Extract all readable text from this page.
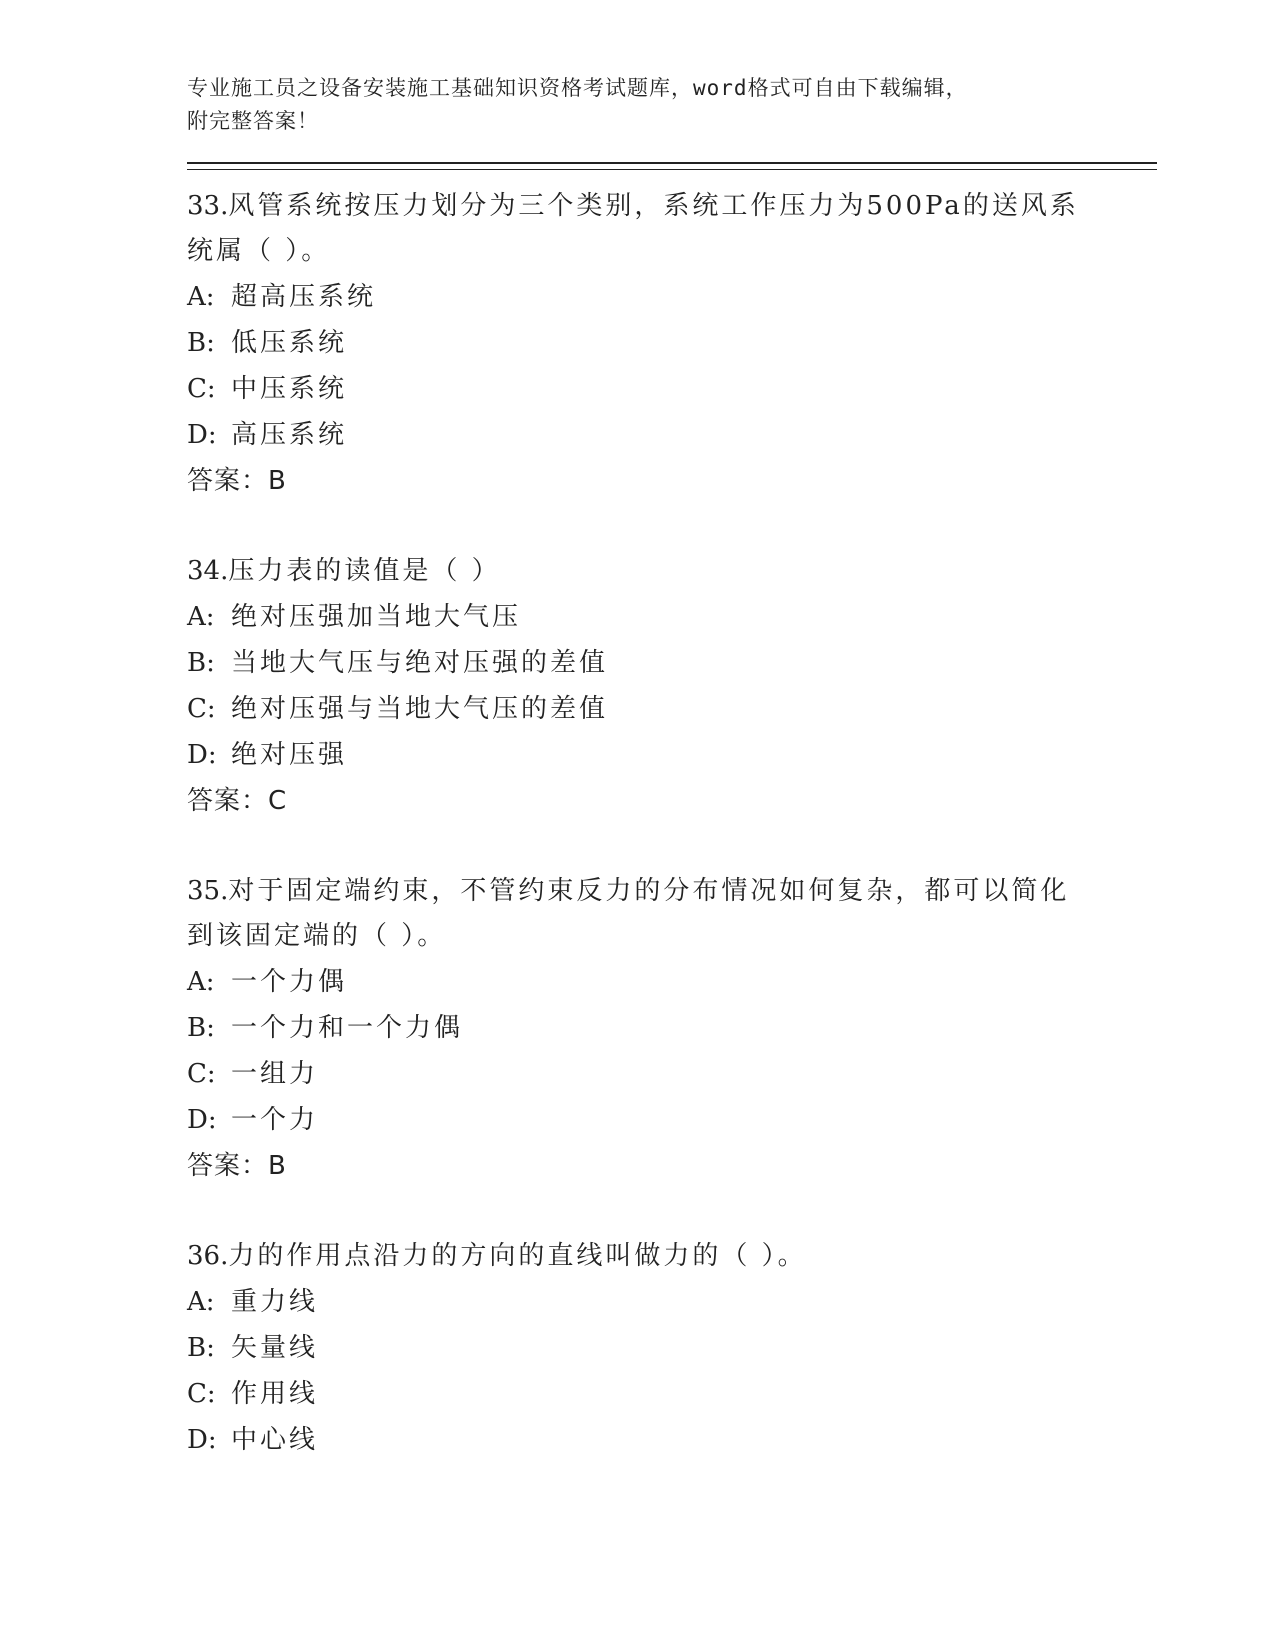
专业施工员之设备安装施工基础知识资格考试题库，word格式可自由下载编辑，
附完整答案！

33.风管系统按压力划分为三个类别，系统工作压力为500Pa的送风系

统属（ ）。

A: 超高压系统

B: 低压系统

C: 中压系统

D: 高压系统

答案：B

34.压力表的读值是（ ）

A: 绝对压强加当地大气压

B: 当地大气压与绝对压强的差值

C: 绝对压强与当地大气压的差值

D: 绝对压强

答案：C

35.对于固定端约束，不管约束反力的分布情况如何复杂，都可以简化

到该固定端的（ ）。

A: 一个力偶

B: 一个力和一个力偶

C: 一组力

D: 一个力

答案：B

36.力的作用点沿力的方向的直线叫做力的（ ）。

A: 重力线

B: 矢量线

C: 作用线

D: 中心线
